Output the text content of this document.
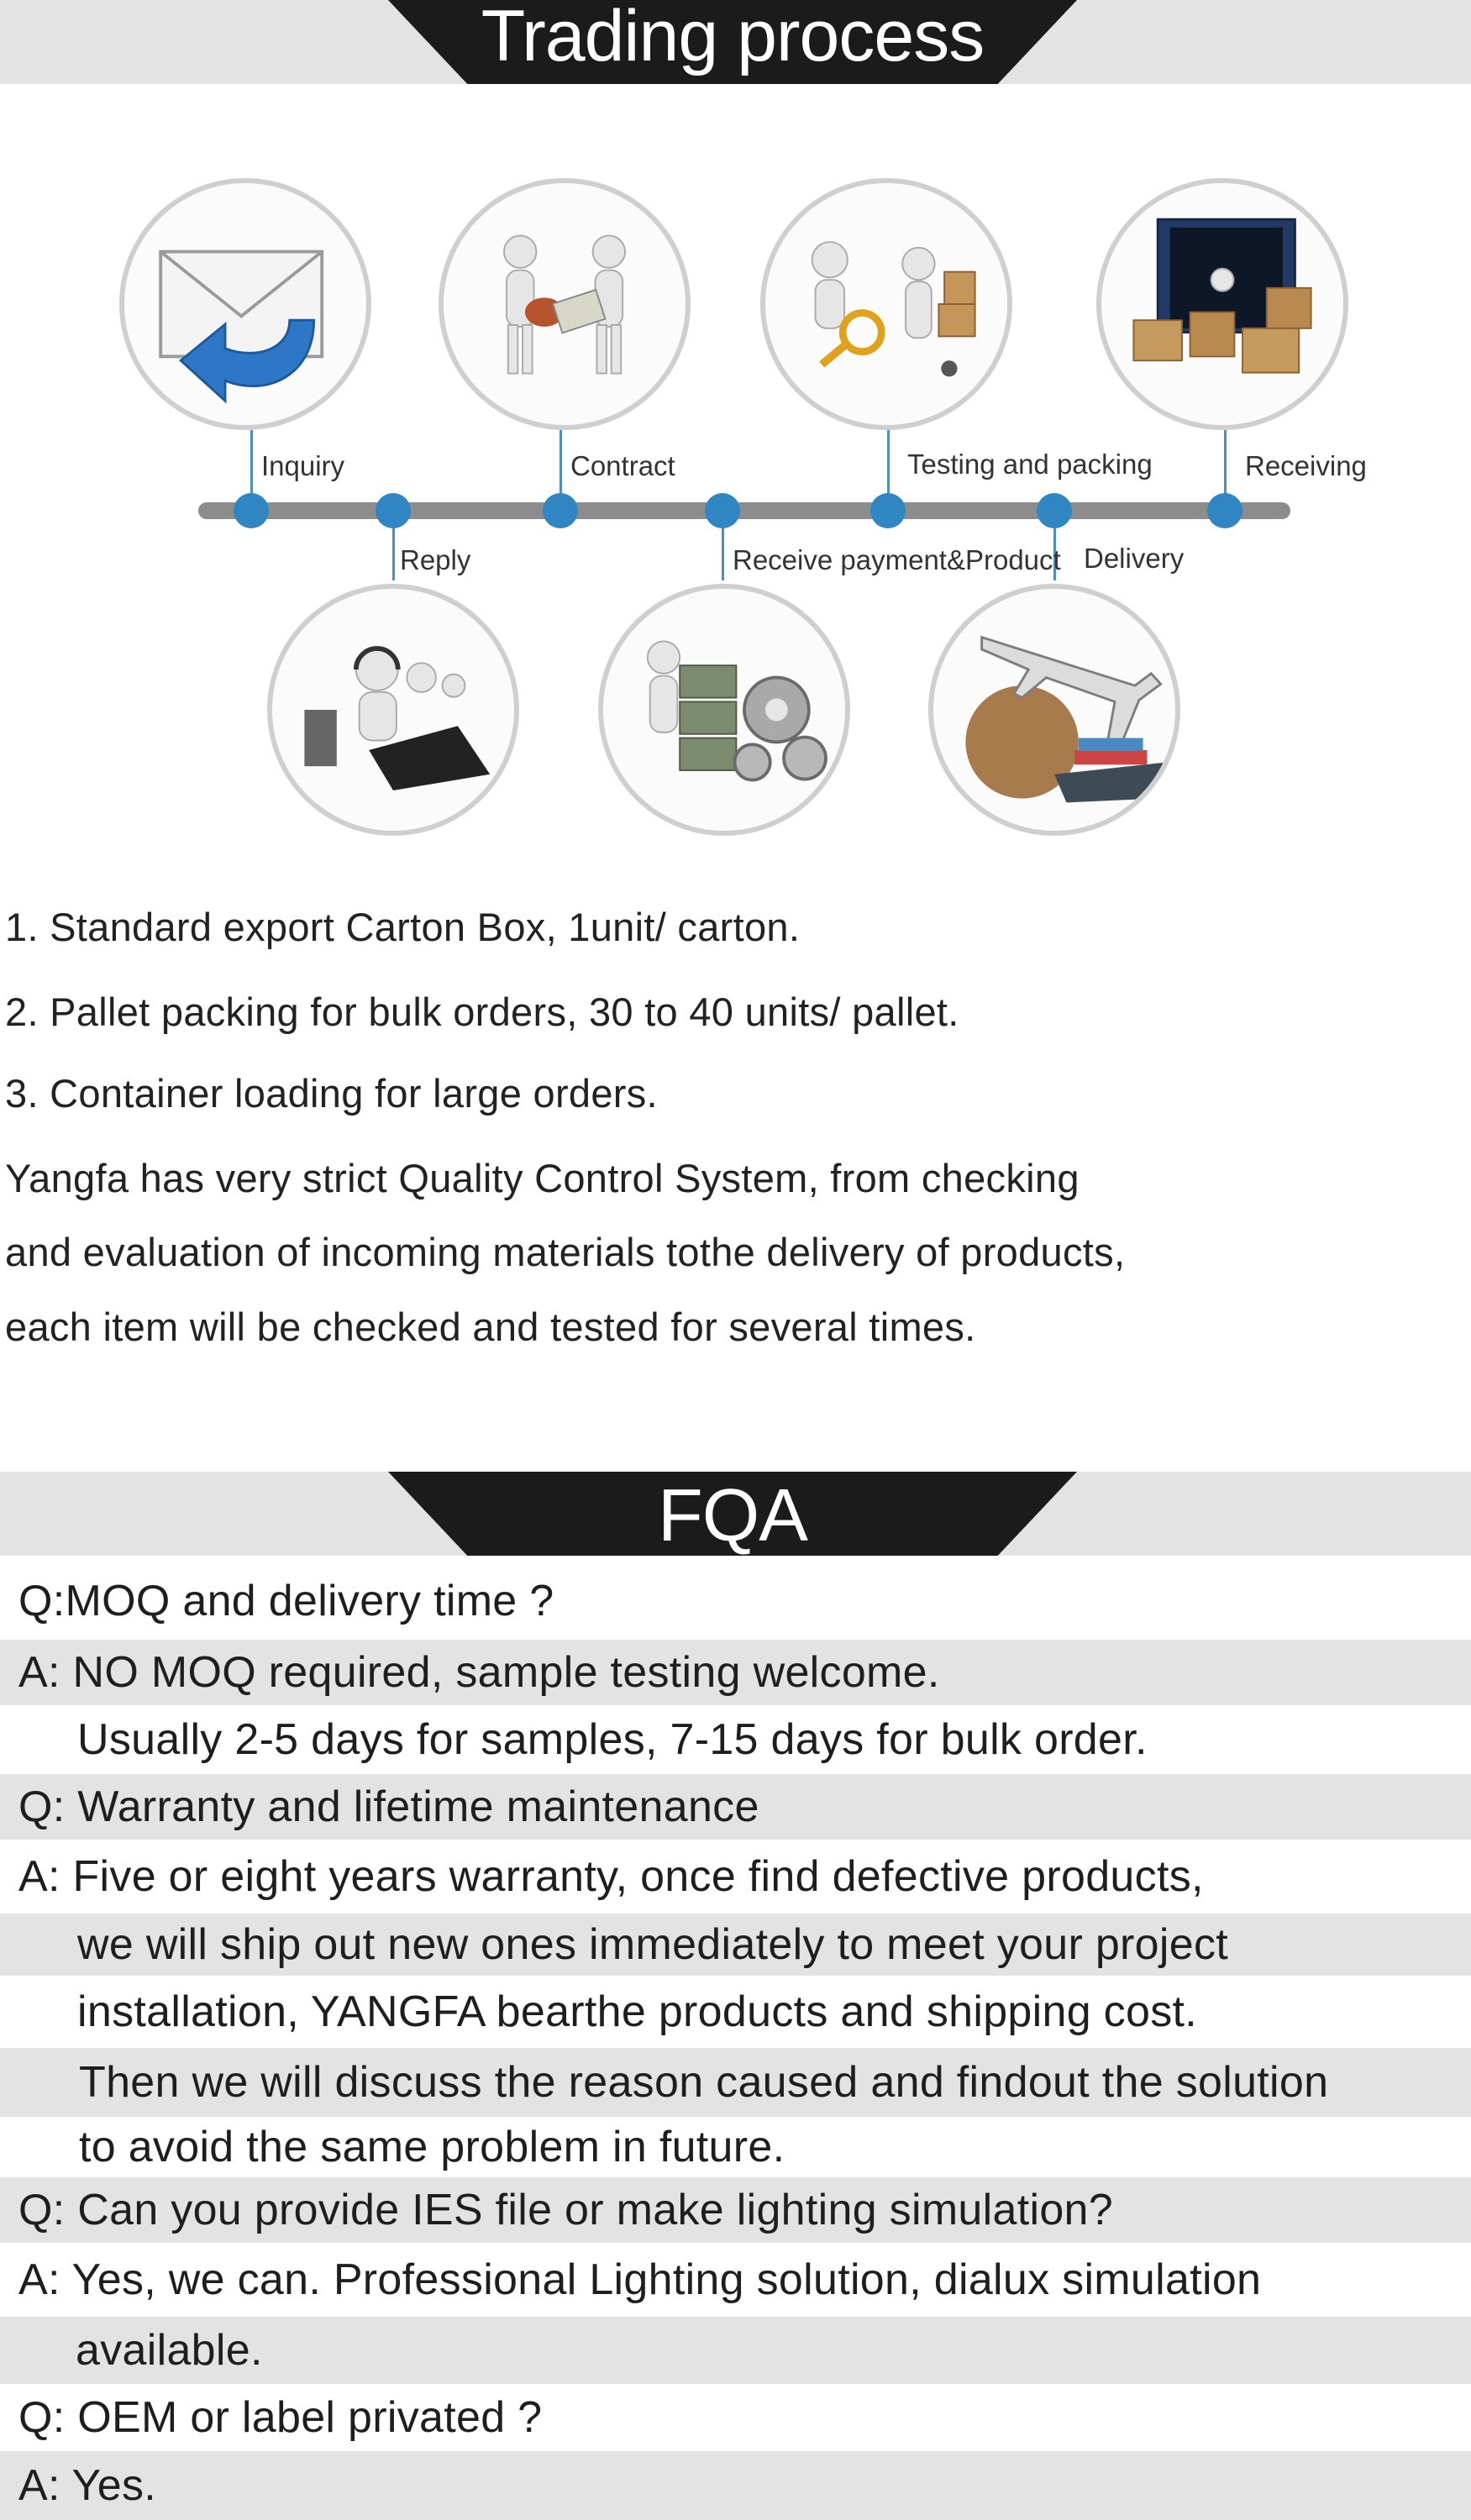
Trading process
Inquiry
Reply
Contract
Receive payment&Product
Testing and packing
Delivery
Receiving
1. Standard export Carton Box, 1unit/ carton.
2. Pallet packing for bulk orders, 30 to 40 units/ pallet.
3. Container loading for large orders.
Yangfa has very strict Quality Control System, from checking
and evaluation of incoming materials tothe delivery of products,
each item will be checked and tested for several times.
FQA
Q:MOQ and delivery time ?
A: NO MOQ required, sample testing welcome.
Usually 2-5 days for samples, 7-15 days for bulk order.
Q: Warranty and lifetime maintenance
A: Five or eight years warranty, once find defective products,
we will ship out new ones immediately to meet your project
installation, YANGFA bearthe products and shipping cost.
Then we will discuss the reason caused and findout the solution
to avoid the same problem in future.
Q: Can you provide IES file or make lighting simulation?
A: Yes, we can. Professional Lighting solution, dialux simulation
available.
Q: OEM or label privated ?
A: Yes.
